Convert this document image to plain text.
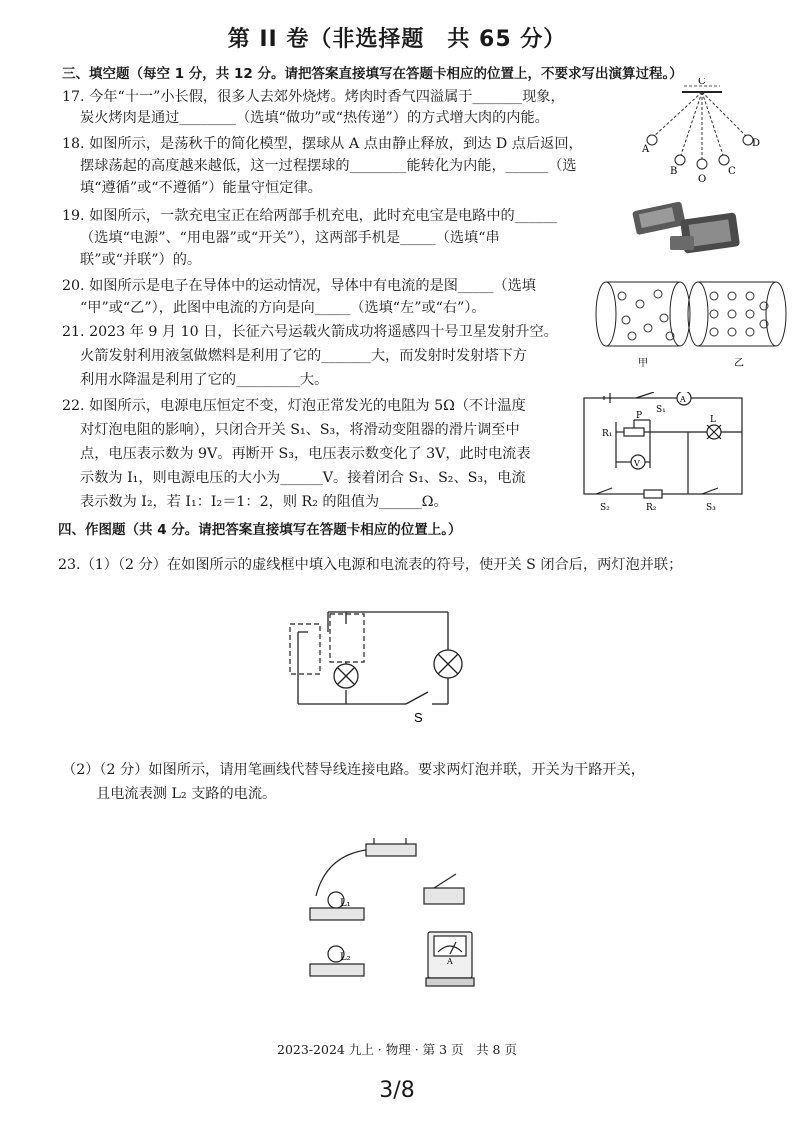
第 II 卷（非选择题　共 65 分）
三、填空题（每空 1 分，共 12 分。请把答案直接填写在答题卡相应的位置上，不要求写出演算过程。）
17. 今年“十一”小长假，很多人去郊外烧烤。烤肉时香气四溢属于_______现象，
炭火烤肉是通过________（选填“做功”或“热传递”）的方式增大肉的内能。
18. 如图所示，是荡秋千的简化模型，摆球从 A 点由静止释放，到达 D 点后返回，
摆球荡起的高度越来越低，这一过程摆球的________能转化为内能，______（选
填“遵循”或“不遵循”）能量守恒定律。
C
A
D
B
O
C
19. 如图所示，一款充电宝正在给两部手机充电，此时充电宝是电路中的______
（选填“电源”、“用电器”或“开关”），这两部手机是_____（选填“串
联”或“并联”）的。
20. 如图所示是电子在导体中的运动情况，导体中有电流的是图_____（选填
“甲”或“乙”），此图中电流的方向是向_____（选填“左”或“右”）。
甲	乙
21. 2023 年 9 月 10 日，长征六号运载火箭成功将遥感四十号卫星发射升空。
火箭发射利用液氢做燃料是利用了它的_______大，而发射时发射塔下方
利用水降温是利用了它的_________大。
22. 如图所示，电源电压恒定不变，灯泡正常发光的电阻为 5Ω（不计温度
对灯泡电阻的影响），只闭合开关 S₁、S₃，将滑动变阻器的滑片调至中
点，电压表示数为 9V。再断开 S₃，电压表示数变化了 3V，此时电流表
示数为 I₁，则电源电压的大小为______V。接着闭合 S₁、S₂、S₃，电流
表示数为 I₂，若 I₁：I₂＝1：2，则 R₂ 的阻值为______Ω。
S₁
A
R₁
P	L
V
S₂	R₂	S₃
四、作图题（共 4 分。请把答案直接填写在答题卡相应的位置上。）
23.（1）（2 分）在如图所示的虚线框中填入电源和电流表的符号，使开关 S 闭合后，两灯泡并联；
S
（2）（2 分）如图所示，请用笔画线代替导线连接电路。要求两灯泡并联，开关为干路开关，
且电流表测 L₂ 支路的电流。
L₁
L₂	A
2023-2024 九上 · 物理 · 第 3 页　共 8 页
3/8
